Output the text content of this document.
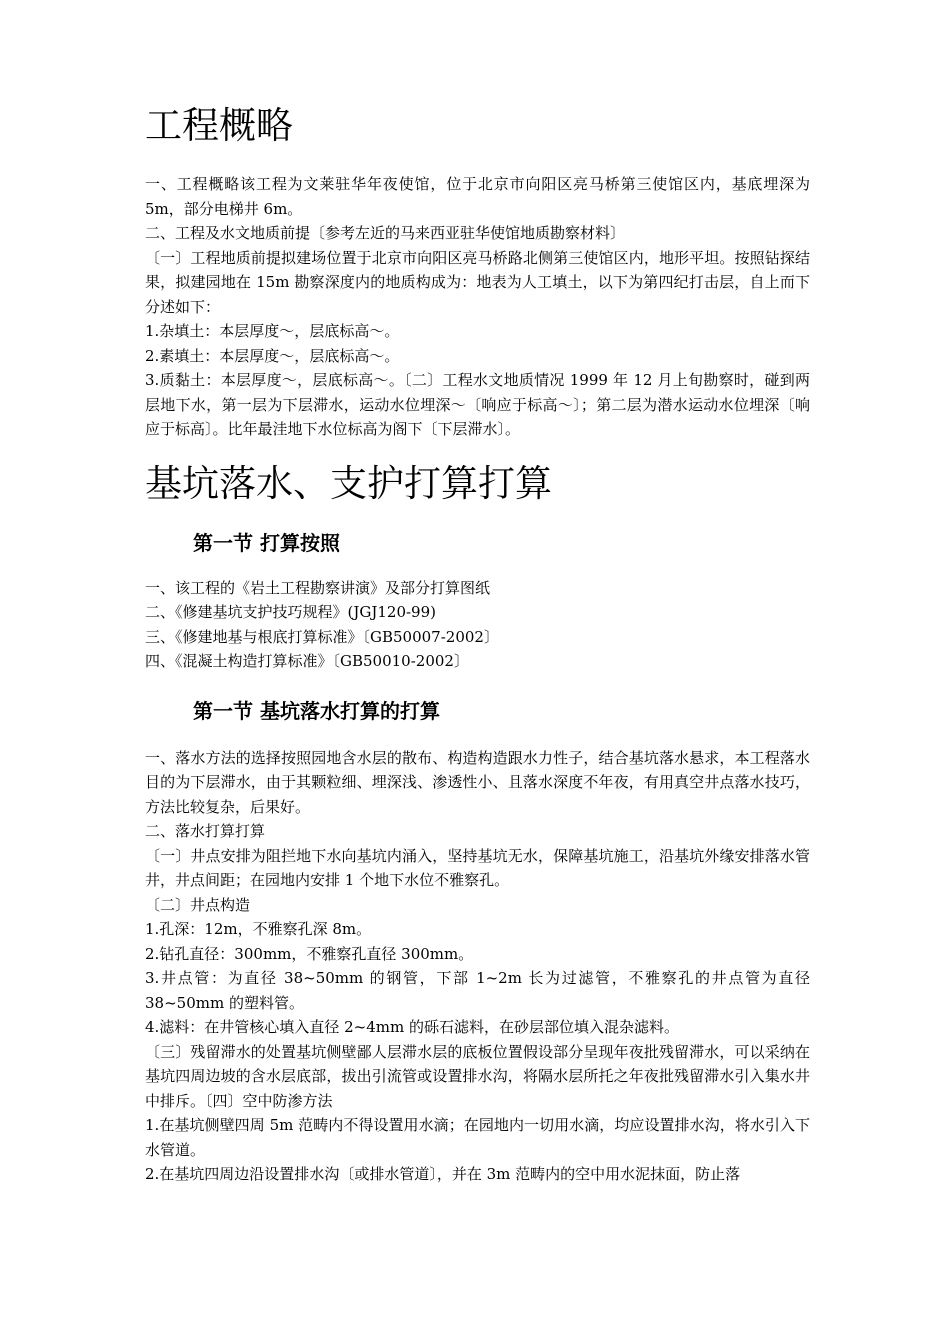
工程概略

一、工程概略该工程为文莱驻华年夜使馆，位于北京市向阳区亮马桥第三使馆区内，基底埋深为 5m，部分电梯井 6m。

二、工程及水文地质前提〔参考左近的马来西亚驻华使馆地质勘察材料〕

〔一〕工程地质前提拟建场位置于北京市向阳区亮马桥路北侧第三使馆区内，地形平坦。按照钻探结果，拟建园地在 15m 勘察深度内的地质构成为：地表为人工填土，以下为第四纪打击层，自上而下分述如下：

1.杂填土：本层厚度～，层底标高～。

2.素填土：本层厚度～，层底标高～。

3.质黏土：本层厚度～，层底标高～。〔二〕工程水文地质情况 1999 年 12 月上旬勘察时，碰到两层地下水，第一层为下层滞水，运动水位埋深～〔响应于标高～〕；第二层为潜水运动水位埋深〔响应于标高〕。比年最洼地下水位标高为阁下〔下层滞水〕。

基坑落水、支护打算打算
第一节 打算按照

一、该工程的《岩土工程勘察讲演》及部分打算图纸

二、《修建基坑支护技巧规程》(JGJ120-99)

三、《修建地基与根底打算标准》〔GB50007-2002〕

四、《混凝土构造打算标准》〔GB50010-2002〕

第一节 基坑落水打算的打算

一、落水方法的选择按照园地含水层的散布、构造构造跟水力性子，结合基坑落水悬求，本工程落水目的为下层滞水，由于其颗粒细、埋深浅、渗透性小、且落水深度不年夜，有用真空井点落水技巧，方法比较复杂，后果好。

二、落水打算打算

〔一〕井点安排为阻拦地下水向基坑内涌入，坚持基坑无水，保障基坑施工，沿基坑外缘安排落水管井，井点间距；在园地内安排 1 个地下水位不雅察孔。

〔二〕井点构造

1.孔深：12m，不雅察孔深 8m。

2.钻孔直径：300mm，不雅察孔直径 300mm。

3.井点管：为直径 38~50mm 的钢管，下部 1~2m 长为过滤管，不雅察孔的井点管为直径 38~50mm 的塑料管。

4.滤料：在井管核心填入直径 2~4mm 的砾石滤料，在砂层部位填入混杂滤料。

〔三〕残留滞水的处置基坑侧壁鄙人层滞水层的底板位置假设部分呈现年夜批残留滞水，可以采纳在基坑四周边坡的含水层底部，拔出引流管或设置排水沟，将隔水层所托之年夜批残留滞水引入集水井中排斥。〔四〕空中防渗方法

1.在基坑侧壁四周 5m 范畴内不得设置用水滴；在园地内一切用水滴，均应设置排水沟，将水引入下水管道。

2.在基坑四周边沿设置排水沟〔或排水管道〕，并在 3m 范畴内的空中用水泥抹面，防止落
